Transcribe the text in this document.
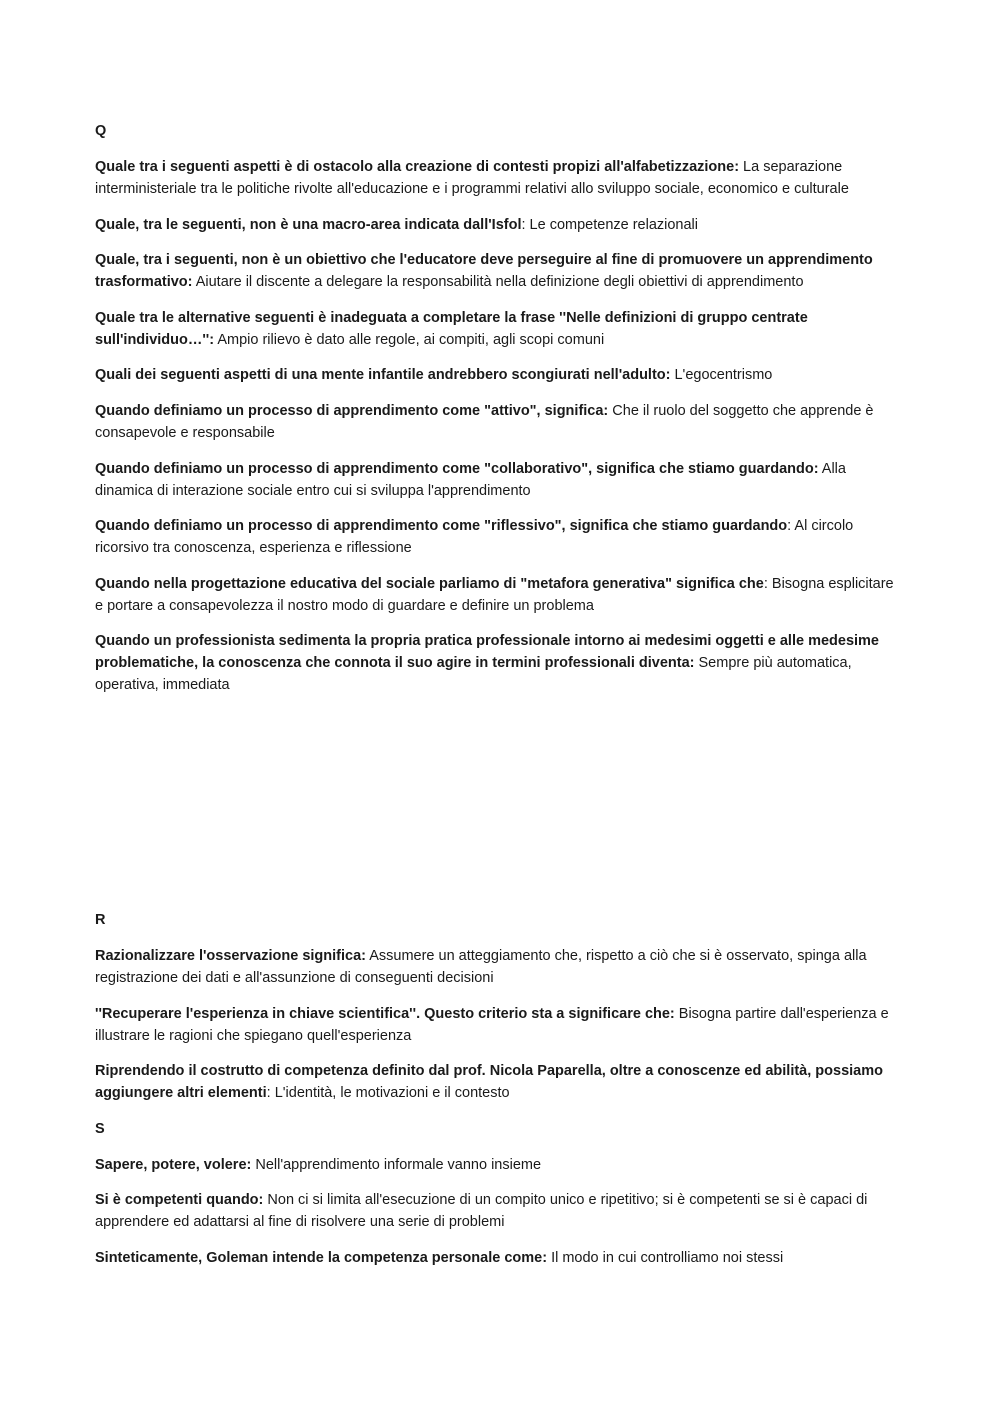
Q

Quale tra i seguenti aspetti è di ostacolo alla creazione di contesti propizi all'alfabetizzazione: La separazione interministeriale tra le politiche rivolte all'educazione e i programmi relativi allo sviluppo sociale, economico e culturale

Quale, tra le seguenti, non è una macro-area indicata dall'Isfol: Le competenze relazionali

Quale, tra i seguenti, non è un obiettivo che l'educatore deve perseguire al fine di promuovere un apprendimento trasformativo: Aiutare il discente a delegare la responsabilità nella definizione degli obiettivi di apprendimento

Quale tra le alternative seguenti è inadeguata a completare la frase ''Nelle definizioni di gruppo centrate sull'individuo…'': Ampio rilievo è dato alle regole, ai compiti, agli scopi comuni

Quali dei seguenti aspetti di una mente infantile andrebbero scongiurati nell'adulto: L'egocentrismo

Quando definiamo un processo di apprendimento come "attivo", significa: Che il ruolo del soggetto che apprende è consapevole e responsabile

Quando definiamo un processo di apprendimento come "collaborativo", significa che stiamo guardando: Alla dinamica di interazione sociale entro cui si sviluppa l'apprendimento

Quando definiamo un processo di apprendimento come "riflessivo", significa che stiamo guardando: Al circolo ricorsivo tra conoscenza, esperienza e riflessione

Quando nella progettazione educativa del sociale parliamo di "metafora generativa" significa che: Bisogna esplicitare e portare a consapevolezza il nostro modo di guardare e definire un problema

Quando un professionista sedimenta la propria pratica professionale intorno ai medesimi oggetti e alle medesime problematiche, la conoscenza che connota il suo agire in termini professionali diventa: Sempre più automatica, operativa, immediata

R

Razionalizzare l'osservazione significa: Assumere un atteggiamento che, rispetto a ciò che si è osservato, spinga alla registrazione dei dati e all'assunzione di conseguenti decisioni

''Recuperare l'esperienza in chiave scientifica''. Questo criterio sta a significare che: Bisogna partire dall'esperienza e illustrare le ragioni che spiegano quell'esperienza

Riprendendo il costrutto di competenza definito dal prof. Nicola Paparella, oltre a conoscenze ed abilità, possiamo aggiungere altri elementi: L'identità, le motivazioni e il contesto

S

Sapere, potere, volere: Nell'apprendimento informale vanno insieme

Si è competenti quando: Non ci si limita all'esecuzione di un compito unico e ripetitivo; si è competenti se si è capaci di apprendere ed adattarsi al fine di risolvere una serie di problemi

Sinteticamente, Goleman intende la competenza personale come: Il modo in cui controlliamo noi stessi
